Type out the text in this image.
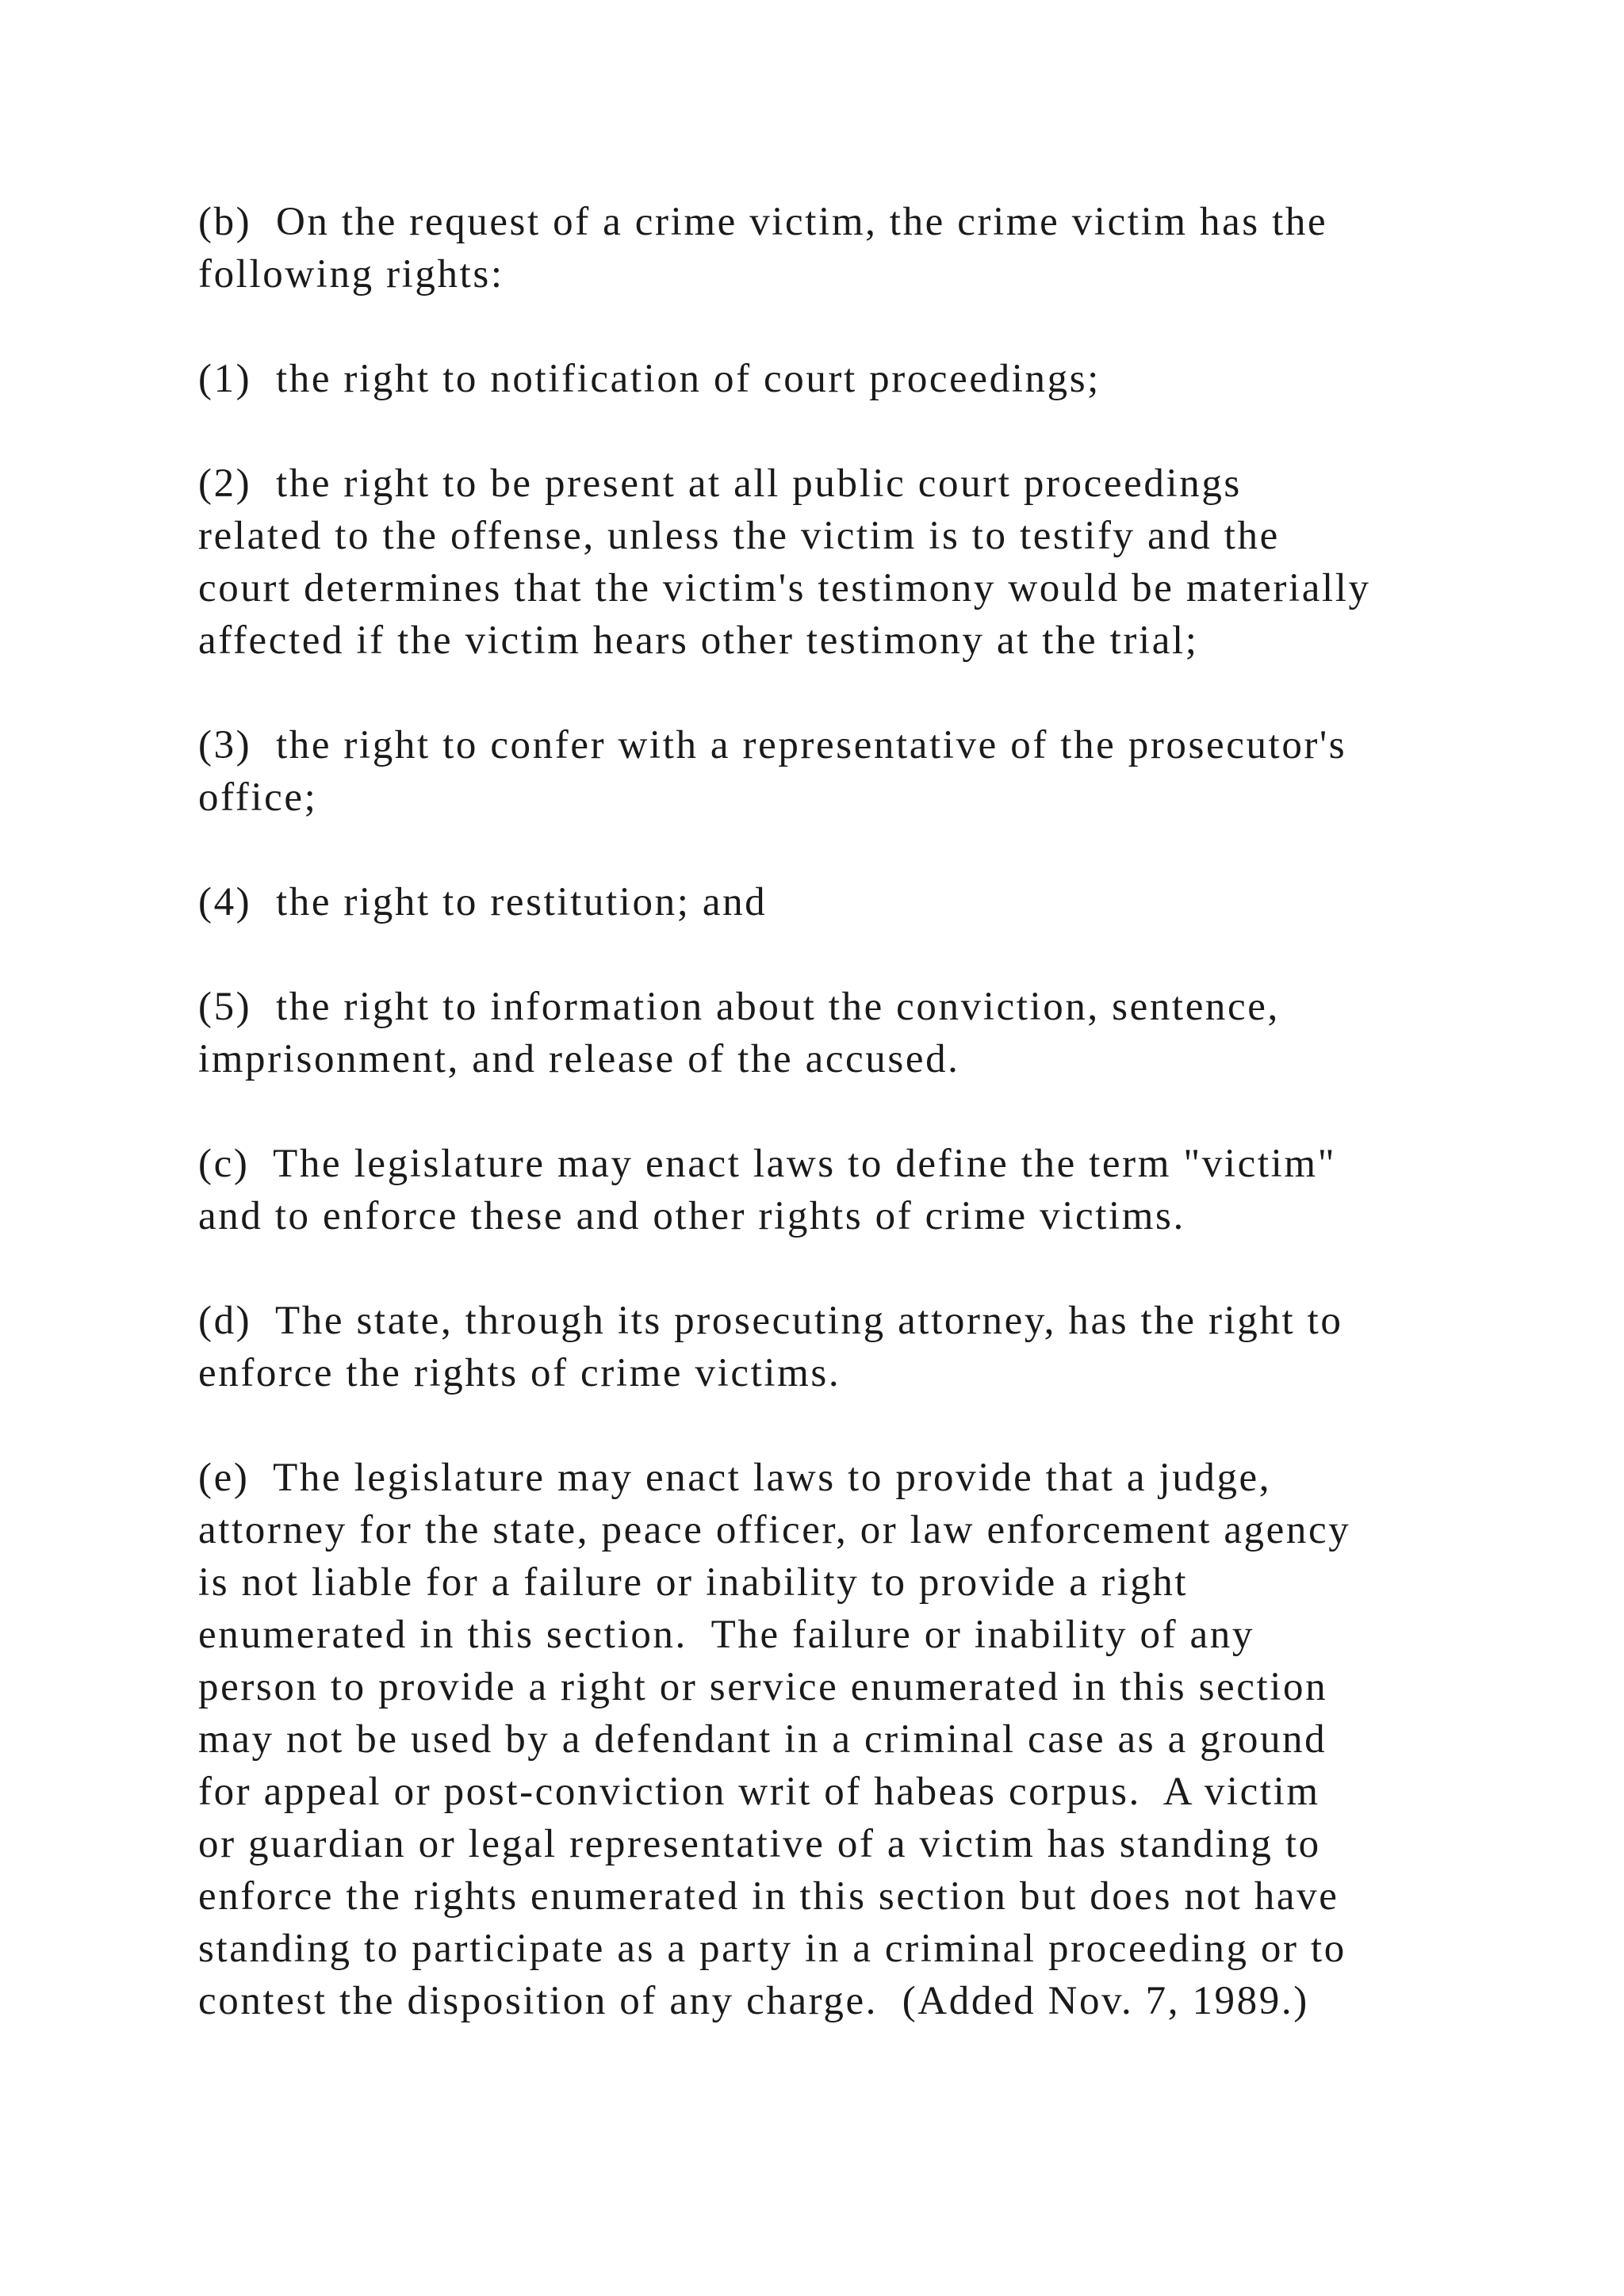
(b)  On the request of a crime victim, the crime victim has the
following rights:
(1)  the right to notification of court proceedings;
(2)  the right to be present at all public court proceedings
related to the offense, unless the victim is to testify and the
court determines that the victim's testimony would be materially
affected if the victim hears other testimony at the trial;
(3)  the right to confer with a representative of the prosecutor's
office;
(4)  the right to restitution; and
(5)  the right to information about the conviction, sentence,
imprisonment, and release of the accused.
(c)  The legislature may enact laws to define the term "victim"
and to enforce these and other rights of crime victims.
(d)  The state, through its prosecuting attorney, has the right to
enforce the rights of crime victims.
(e)  The legislature may enact laws to provide that a judge,
attorney for the state, peace officer, or law enforcement agency
is not liable for a failure or inability to provide a right
enumerated in this section.  The failure or inability of any
person to provide a right or service enumerated in this section
may not be used by a defendant in a criminal case as a ground
for appeal or post-conviction writ of habeas corpus.  A victim
or guardian or legal representative of a victim has standing to
enforce the rights enumerated in this section but does not have
standing to participate as a party in a criminal proceeding or to
contest the disposition of any charge.  (Added Nov. 7, 1989.)
